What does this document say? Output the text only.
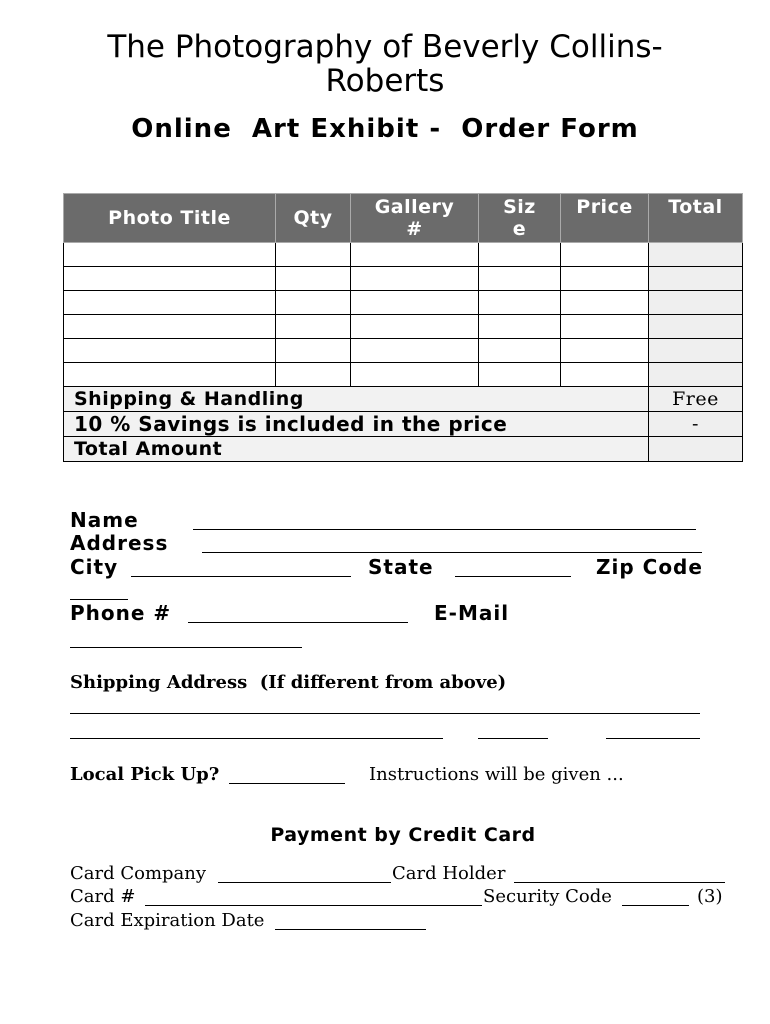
The Photography of Beverly Collins-Roberts
Online  Art Exhibit -  Order Form
Photo Title	Qty	Gallery #	Size	Price	Total

Shipping & Handling					Free
10 % Savings is included in the price					-
Total Amount					
Name
Address
City	State	Zip Code
Phone #	E-Mail
Shipping Address (If different from above)
Local Pick Up?	Instructions will be given ...
Payment by Credit Card
Card Company	Card Holder
Card #	Security Code	(3)
Card Expiration Date
